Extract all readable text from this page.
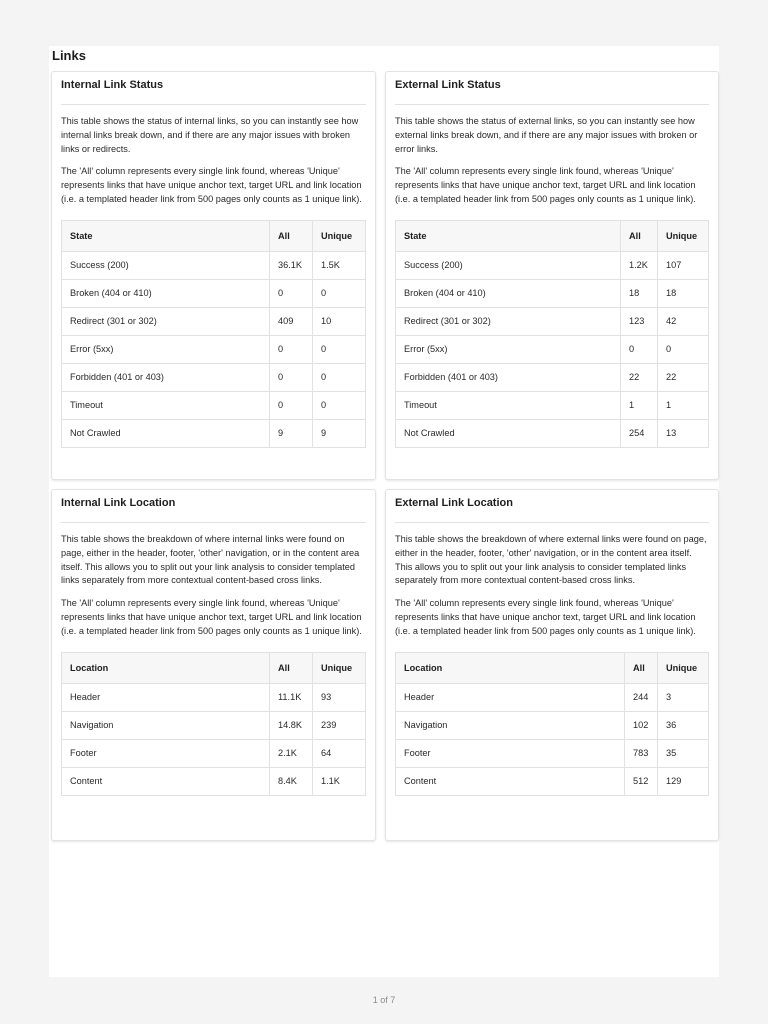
Links
Internal Link Status

This table shows the status of internal links, so you can instantly see how internal links break down, and if there are any major issues with broken links or redirects.

The 'All' column represents every single link found, whereas 'Unique' represents links that have unique anchor text, target URL and link location (i.e. a templated header link from 500 pages only counts as 1 unique link).

State	All	Unique
Success (200)	36.1K	1.5K
Broken (404 or 410)	0	0
Redirect (301 or 302)	409	10
Error (5xx)	0	0
Forbidden (401 or 403)	0	0
Timeout	0	0
Not Crawled	9	9
External Link Status

This table shows the status of external links, so you can instantly see how external links break down, and if there are any major issues with broken or error links.

The 'All' column represents every single link found, whereas 'Unique' represents links that have unique anchor text, target URL and link location (i.e. a templated header link from 500 pages only counts as 1 unique link).

State	All	Unique
Success (200)	1.2K	107
Broken (404 or 410)	18	18
Redirect (301 or 302)	123	42
Error (5xx)	0	0
Forbidden (401 or 403)	22	22
Timeout	1	1
Not Crawled	254	13
Internal Link Location

This table shows the breakdown of where internal links were found on page, either in the header, footer, 'other' navigation, or in the content area itself. This allows you to split out your link analysis to consider templated links separately from more contextual content-based cross links.

The 'All' column represents every single link found, whereas 'Unique' represents links that have unique anchor text, target URL and link location (i.e. a templated header link from 500 pages only counts as 1 unique link).

Location	All	Unique
Header	11.1K	93
Navigation	14.8K	239
Footer	2.1K	64
Content	8.4K	1.1K
External Link Location

This table shows the breakdown of where external links were found on page, either in the header, footer, 'other' navigation, or in the content area itself. This allows you to split out your link analysis to consider templated links separately from more contextual content-based cross links.

The 'All' column represents every single link found, whereas 'Unique' represents links that have unique anchor text, target URL and link location (i.e. a templated header link from 500 pages only counts as 1 unique link).

Location	All	Unique
Header	244	3
Navigation	102	36
Footer	783	35
Content	512	129
1 of 7
